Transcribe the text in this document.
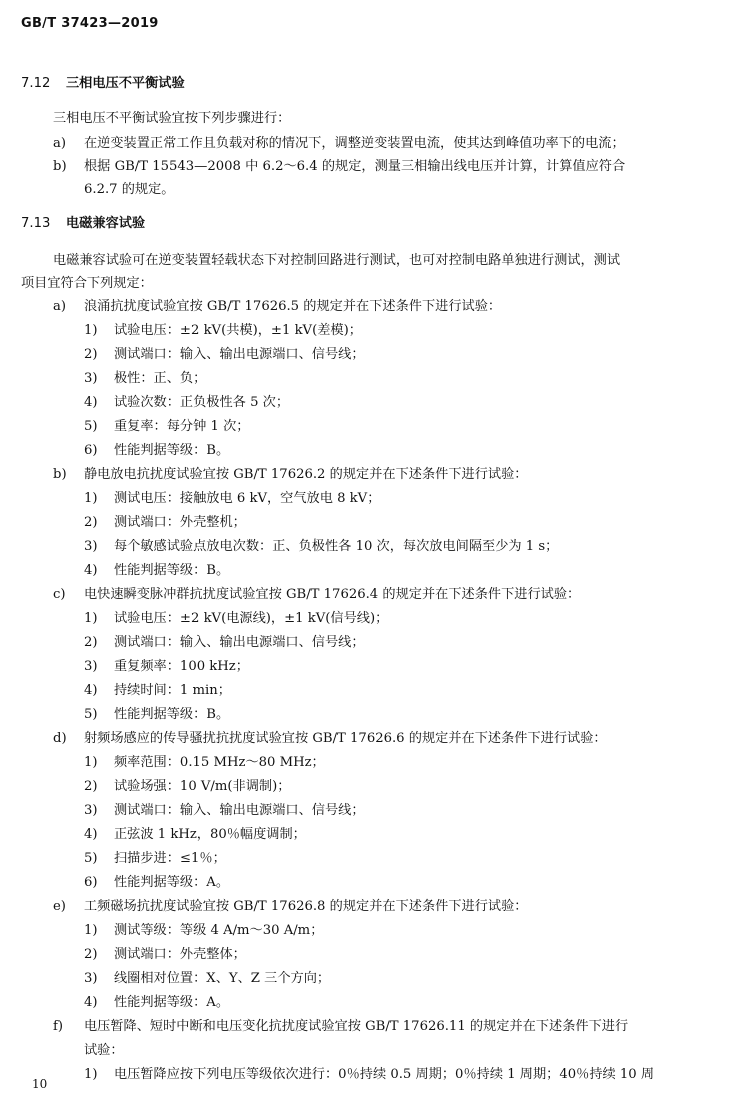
GB/T 37423—2019
7.12 三相电压不平衡试验
三相电压不平衡试验宜按下列步骤进行：
a) 在逆变装置正常工作且负载对称的情况下，调整逆变装置电流，使其达到峰值功率下的电流；
b) 根据 GB/T 15543—2008 中 6.2～6.4 的规定，测量三相输出线电压并计算，计算值应符合
6.2.7 的规定。
7.13 电磁兼容试验
电磁兼容试验可在逆变装置轻载状态下对控制回路进行测试，也可对控制电路单独进行测试，测试
项目宜符合下列规定：
a) 浪涌抗扰度试验宜按 GB/T 17626.5 的规定并在下述条件下进行试验：
1) 试验电压：±2 kV(共模)，±1 kV(差模)；
2) 测试端口：输入、输出电源端口、信号线；
3) 极性：正、负；
4) 试验次数：正负极性各 5 次；
5) 重复率：每分钟 1 次；
6) 性能判据等级：B。
b) 静电放电抗扰度试验宜按 GB/T 17626.2 的规定并在下述条件下进行试验：
1) 测试电压：接触放电 6 kV，空气放电 8 kV；
2) 测试端口：外壳整机；
3) 每个敏感试验点放电次数：正、负极性各 10 次，每次放电间隔至少为 1 s；
4) 性能判据等级：B。
c) 电快速瞬变脉冲群抗扰度试验宜按 GB/T 17626.4 的规定并在下述条件下进行试验：
1) 试验电压：±2 kV(电源线)，±1 kV(信号线)；
2) 测试端口：输入、输出电源端口、信号线；
3) 重复频率：100 kHz；
4) 持续时间：1 min；
5) 性能判据等级：B。
d) 射频场感应的传导骚扰抗扰度试验宜按 GB/T 17626.6 的规定并在下述条件下进行试验：
1) 频率范围：0.15 MHz～80 MHz；
2) 试验场强：10 V/m(非调制)；
3) 测试端口：输入、输出电源端口、信号线；
4) 正弦波 1 kHz，80％幅度调制；
5) 扫描步进：≤1％；
6) 性能判据等级：A。
e) 工频磁场抗扰度试验宜按 GB/T 17626.8 的规定并在下述条件下进行试验：
1) 测试等级：等级 4 A/m～30 A/m；
2) 测试端口：外壳整体；
3) 线圈相对位置：X、Y、Z 三个方向；
4) 性能判据等级：A。
f) 电压暂降、短时中断和电压变化抗扰度试验宜按 GB/T 17626.11 的规定并在下述条件下进行
试验：
1) 电压暂降应按下列电压等级依次进行：0％持续 0.5 周期；0％持续 1 周期；40％持续 10 周
10
